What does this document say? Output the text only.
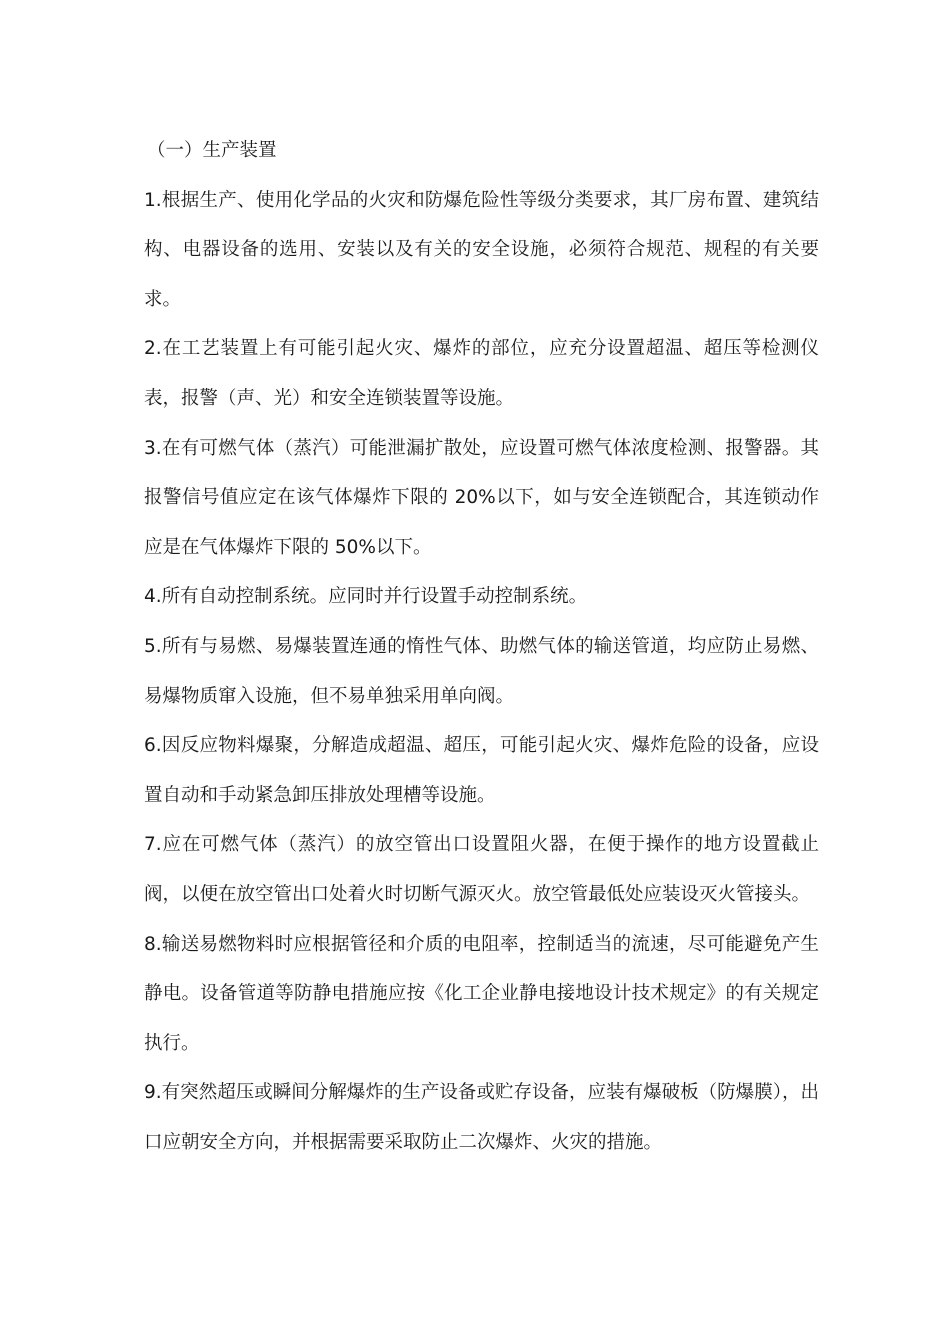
（一）生产装置

1.根据生产、使用化学品的火灾和防爆危险性等级分类要求，其厂房布置、建筑结构、电器设备的选用、安装以及有关的安全设施，必须符合规范、规程的有关要求。

2.在工艺装置上有可能引起火灾、爆炸的部位，应充分设置超温、超压等检测仪表，报警（声、光）和安全连锁装置等设施。

3.在有可燃气体（蒸汽）可能泄漏扩散处，应设置可燃气体浓度检测、报警器。其报警信号值应定在该气体爆炸下限的 20%以下，如与安全连锁配合，其连锁动作应是在气体爆炸下限的 50%以下。

4.所有自动控制系统。应同时并行设置手动控制系统。

5.所有与易燃、易爆装置连通的惰性气体、助燃气体的输送管道，均应防止易燃、易爆物质窜入设施，但不易单独采用单向阀。

6.因反应物料爆聚，分解造成超温、超压，可能引起火灾、爆炸危险的设备，应设置自动和手动紧急卸压排放处理槽等设施。

7.应在可燃气体（蒸汽）的放空管出口设置阻火器，在便于操作的地方设置截止阀，以便在放空管出口处着火时切断气源灭火。放空管最低处应装设灭火管接头。

8.输送易燃物料时应根据管径和介质的电阻率，控制适当的流速，尽可能避免产生静电。设备管道等防静电措施应按《化工企业静电接地设计技术规定》的有关规定执行。

9.有突然超压或瞬间分解爆炸的生产设备或贮存设备，应装有爆破板（防爆膜），出口应朝安全方向，并根据需要采取防止二次爆炸、火灾的措施。
